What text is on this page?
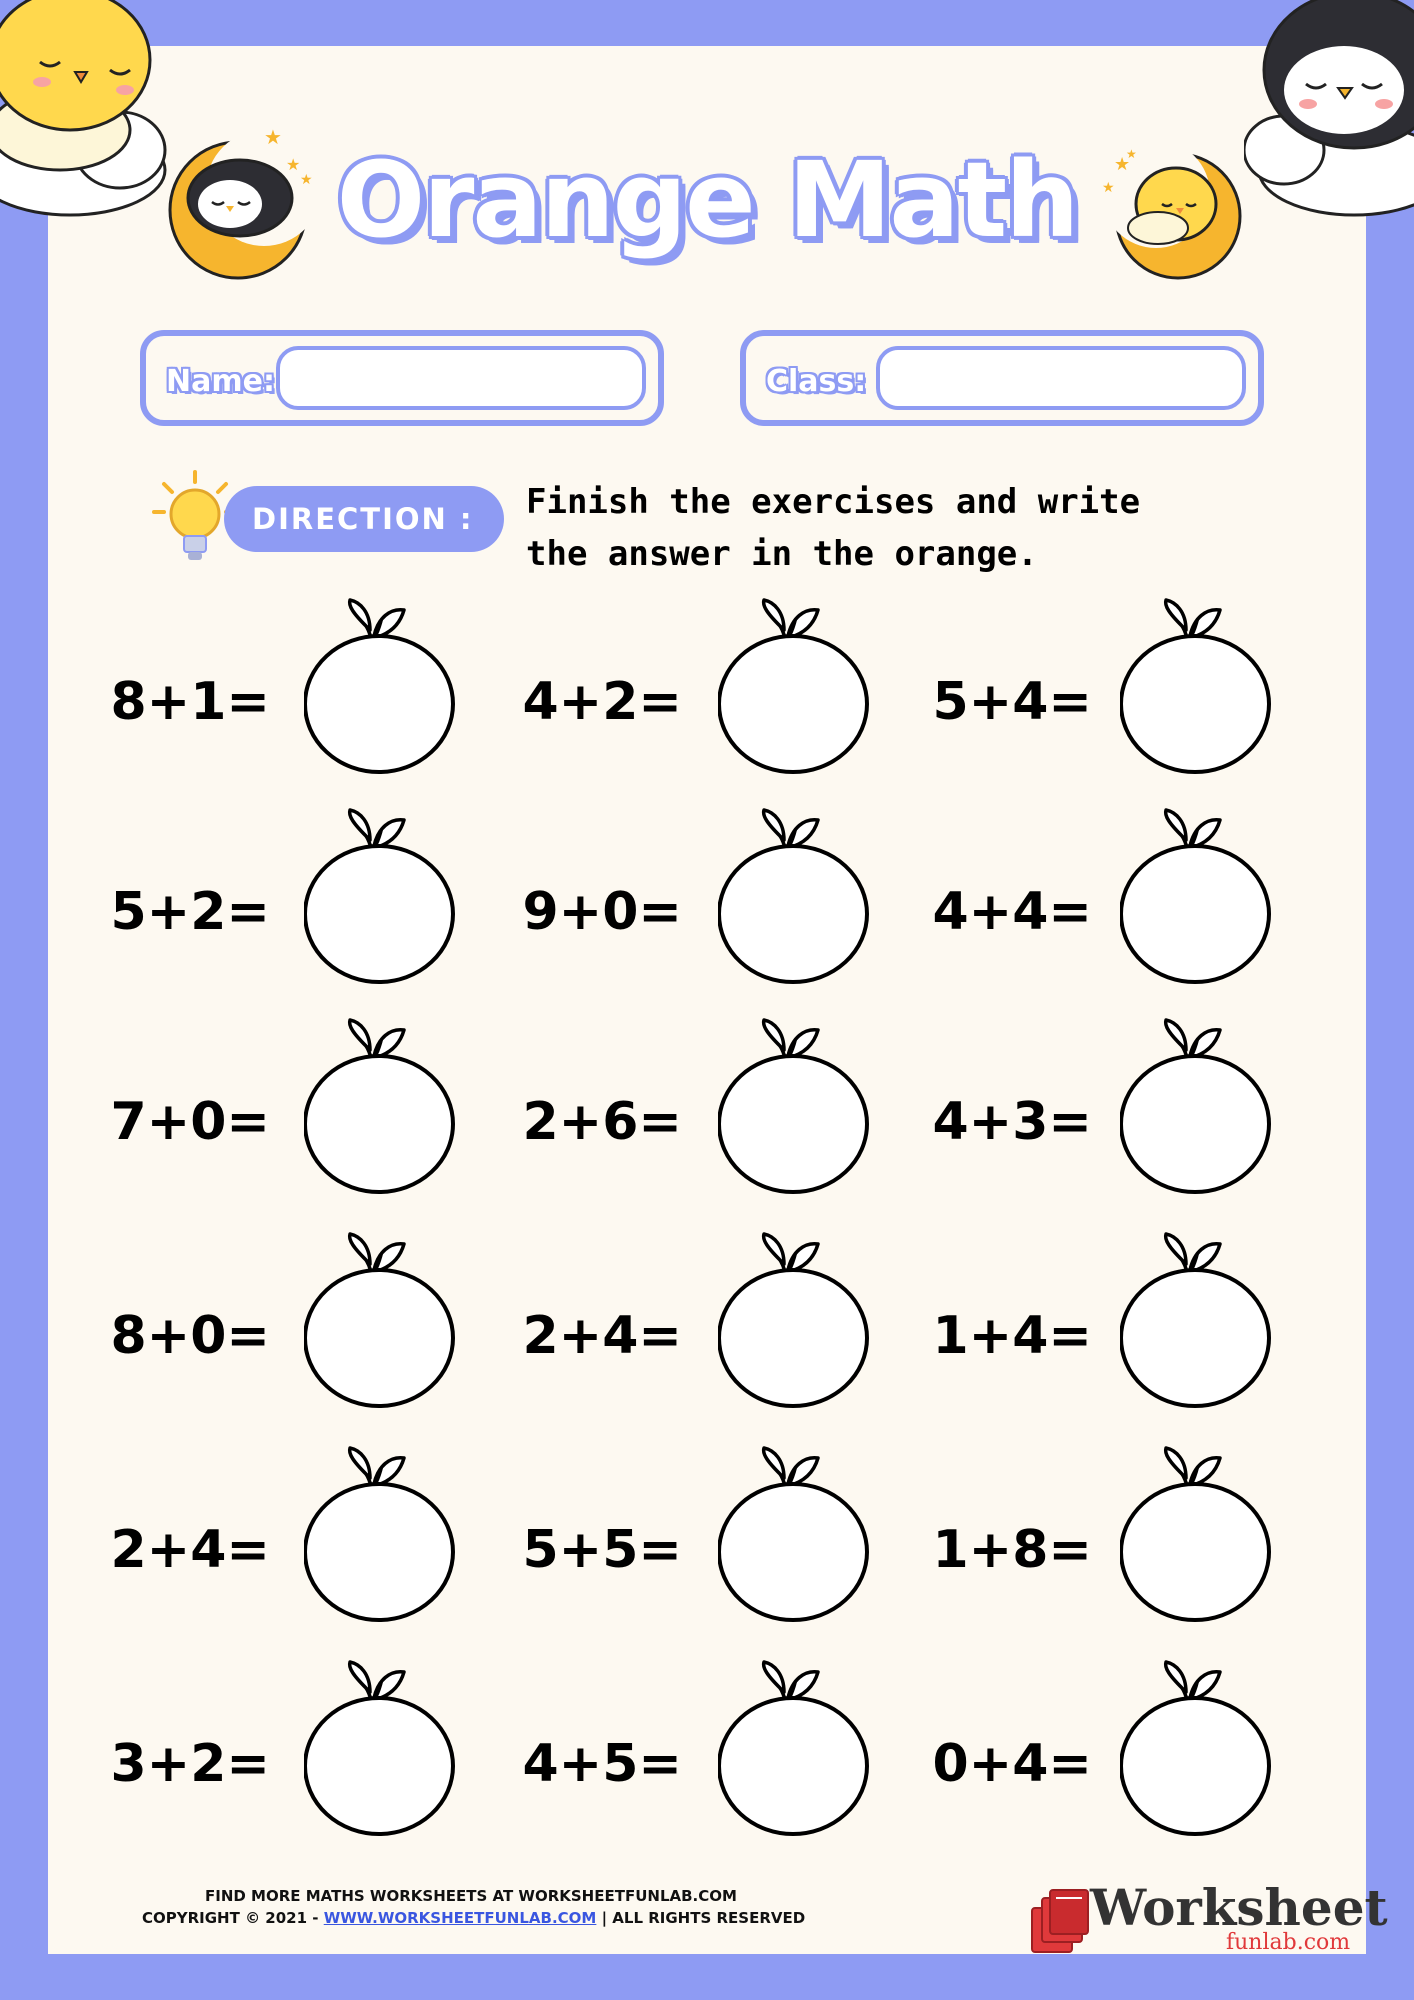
★
★
★
★
★
★
Orange Math
Name:	Class:
DIRECTION : Finish the exercises and write the answer in the orange.
8+1=	4+2=	5+4=
5+2=	9+0=	4+4=
7+0=	2+6=	4+3=
8+0=	2+4=	1+4=
2+4=	5+5=	1+8=
3+2=	4+5=	0+4=
FIND MORE MATHS WORKSHEETS AT WORKSHEETFUNLAB.COM
COPYRIGHT © 2021 - WWW.WORKSHEETFUNLAB.COM | ALL RIGHTS RESERVED	Worksheet
funlab.com
